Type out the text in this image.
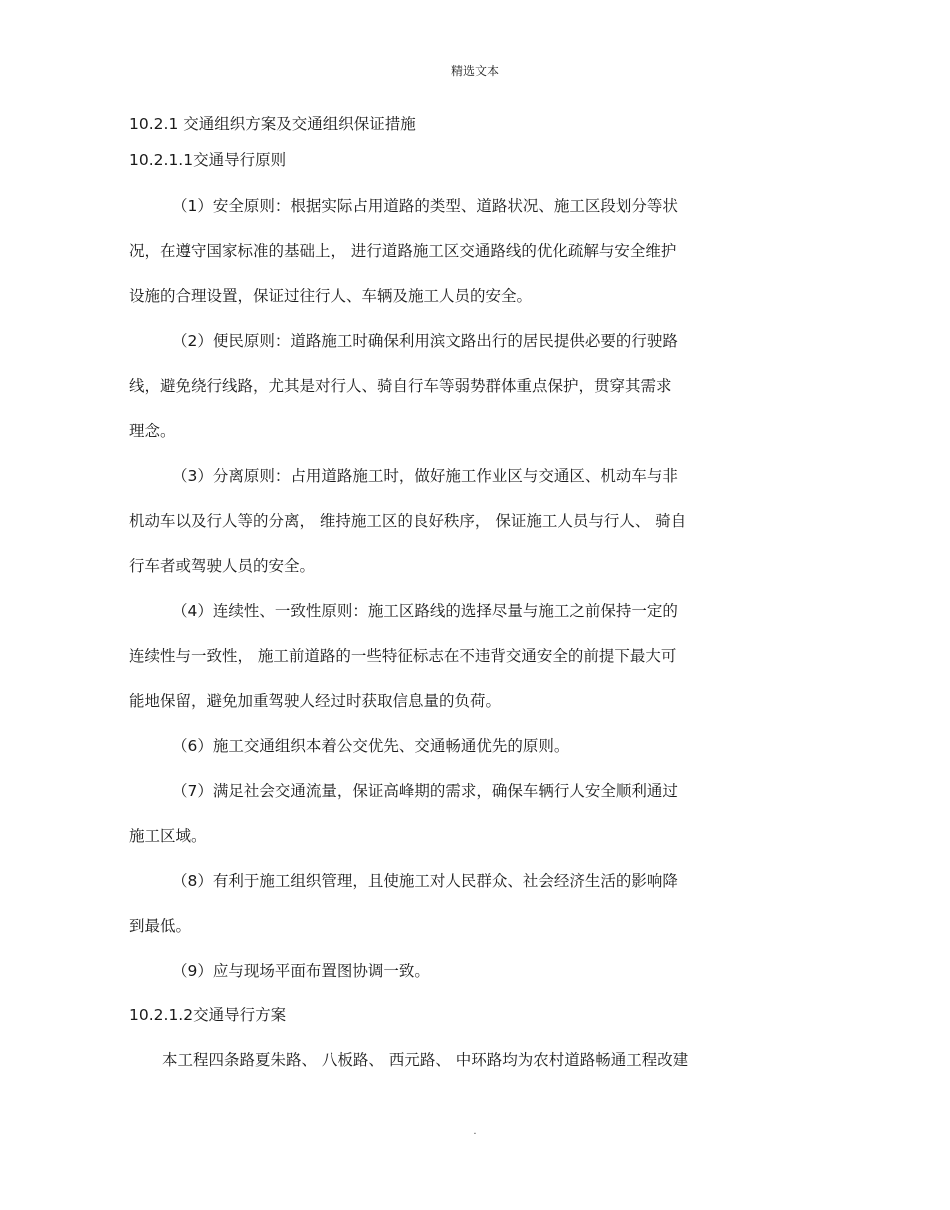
精选文本
10.2.1 交通组织方案及交通组织保证措施
10.2.1.1交通导行原则
（1）安全原则：根据实际占用道路的类型、道路状况、施工区段划分等状
况，在遵守国家标准的基础上， 进行道路施工区交通路线的优化疏解与安全维护
设施的合理设置，保证过往行人、车辆及施工人员的安全。
（2）便民原则：道路施工时确保利用滨文路出行的居民提供必要的行驶路
线，避免绕行线路，尤其是对行人、骑自行车等弱势群体重点保护，贯穿其需求
理念。
（3）分离原则：占用道路施工时，做好施工作业区与交通区、机动车与非
机动车以及行人等的分离， 维持施工区的良好秩序， 保证施工人员与行人、 骑自
行车者或驾驶人员的安全。
（4）连续性、一致性原则：施工区路线的选择尽量与施工之前保持一定的
连续性与一致性， 施工前道路的一些特征标志在不违背交通安全的前提下最大可
能地保留，避免加重驾驶人经过时获取信息量的负荷。
（6）施工交通组织本着公交优先、交通畅通优先的原则。
（7）满足社会交通流量，保证高峰期的需求，确保车辆行人安全顺利通过
施工区域。
（8）有利于施工组织管理，且使施工对人民群众、社会经济生活的影响降
到最低。
（9）应与现场平面布置图协调一致。
10.2.1.2交通导行方案
本工程四条路夏朱路、 八板路、 西元路、 中环路均为农村道路畅通工程改建
.
